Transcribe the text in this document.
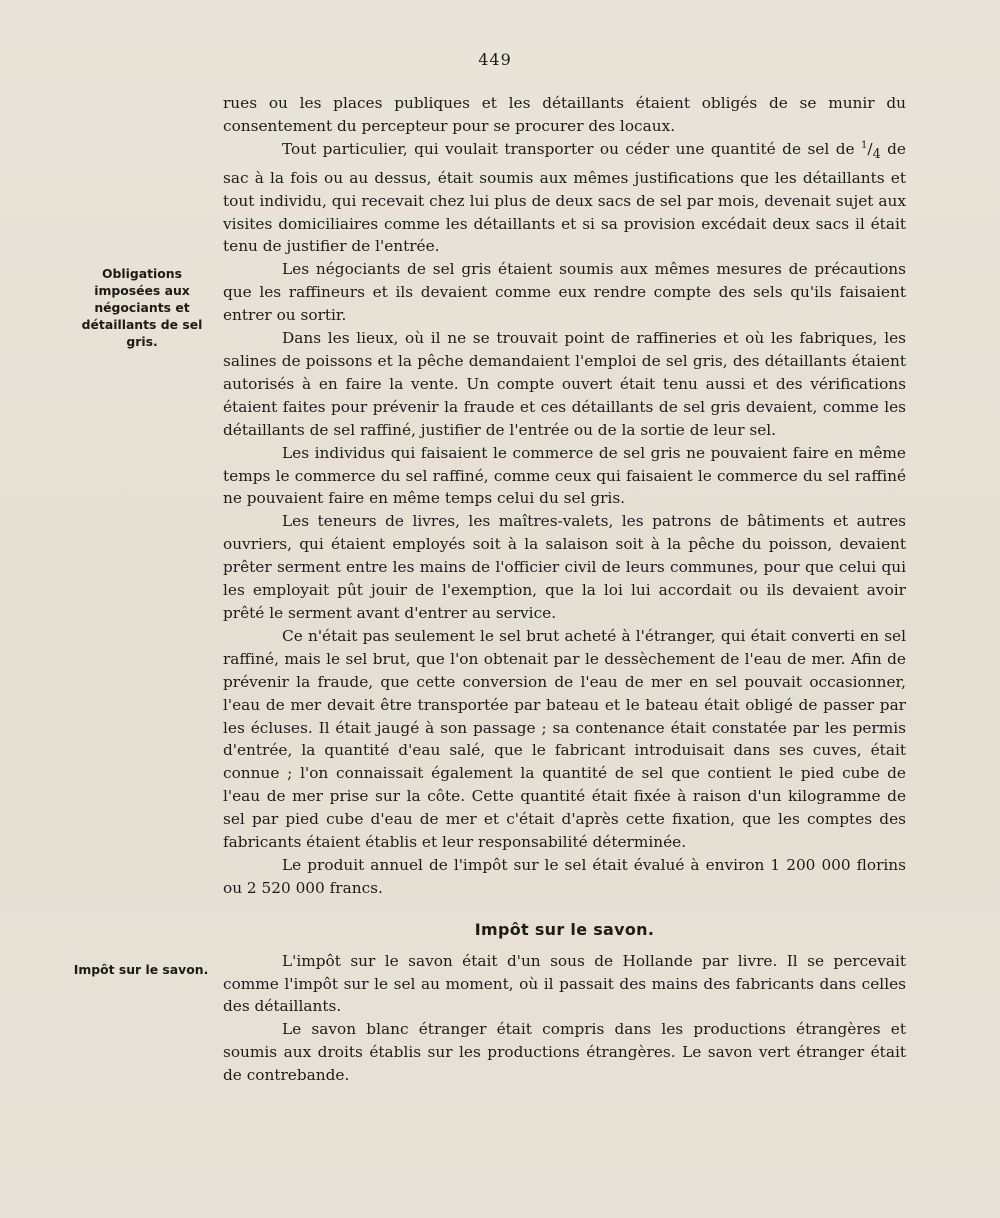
449
Obligations imposées aux négociants et détaillants de sel gris.
Impôt sur le savon.

rues ou les places publiques et les détaillants étaient obligés de se munir du consentement du percepteur pour se procurer des locaux.

Tout particulier, qui voulait transporter ou céder une quantité de sel de $^1/_4$ de sac à la fois ou au dessus, était soumis aux mêmes justifications que les détaillants et tout individu, qui recevait chez lui plus de deux sacs de sel par mois, devenait sujet aux visites domiciliaires comme les détaillants et si sa provision excédait deux sacs il était tenu de justifier de l'entrée.

Les négociants de sel gris étaient soumis aux mêmes mesures de précautions que les raffineurs et ils devaient comme eux rendre compte des sels qu'ils faisaient entrer ou sortir.

Dans les lieux, où il ne se trouvait point de raffineries et où les fabriques, les salines de poissons et la pêche demandaient l'emploi de sel gris, des détaillants étaient autorisés à en faire la vente. Un compte ouvert était tenu aussi et des vérifications étaient faites pour prévenir la fraude et ces détaillants de sel gris devaient, comme les détaillants de sel raffiné, justifier de l'entrée ou de la sortie de leur sel.

Les individus qui faisaient le commerce de sel gris ne pouvaient faire en même temps le commerce du sel raffiné, comme ceux qui faisaient le commerce du sel raffiné ne pouvaient faire en même temps celui du sel gris.

Les teneurs de livres, les maîtres-valets, les patrons de bâtiments et autres ouvriers, qui étaient employés soit à la salaison soit à la pêche du poisson, devaient prêter serment entre les mains de l'officier civil de leurs communes, pour que celui qui les employait pût jouir de l'exemption, que la loi lui accordait ou ils devaient avoir prêté le serment avant d'entrer au service.

Ce n'était pas seulement le sel brut acheté à l'étranger, qui était converti en sel raffiné, mais le sel brut, que l'on obtenait par le dessèchement de l'eau de mer. Afin de prévenir la fraude, que cette conversion de l'eau de mer en sel pouvait occasionner, l'eau de mer devait être transportée par bateau et le bateau était obligé de passer par les écluses. Il était jaugé à son passage ; sa contenance était constatée par les permis d'entrée, la quantité d'eau salé, que le fabricant introduisait dans ses cuves, était connue ; l'on connaissait également la quantité de sel que contient le pied cube de l'eau de mer prise sur la côte. Cette quantité était fixée à raison d'un kilogramme de sel par pied cube d'eau de mer et c'était d'après cette fixation, que les comptes des fabricants étaient établis et leur responsabilité déterminée.

Le produit annuel de l'impôt sur le sel était évalué à environ 1 200 000 florins ou 2 520 000 francs.

Impôt sur le savon.

L'impôt sur le savon était d'un sous de Hollande par livre. Il se percevait comme l'impôt sur le sel au moment, où il passait des mains des fabricants dans celles des détaillants.

Le savon blanc étranger était compris dans les productions étrangères et soumis aux droits établis sur les productions étrangères. Le savon vert étranger était de contrebande.
